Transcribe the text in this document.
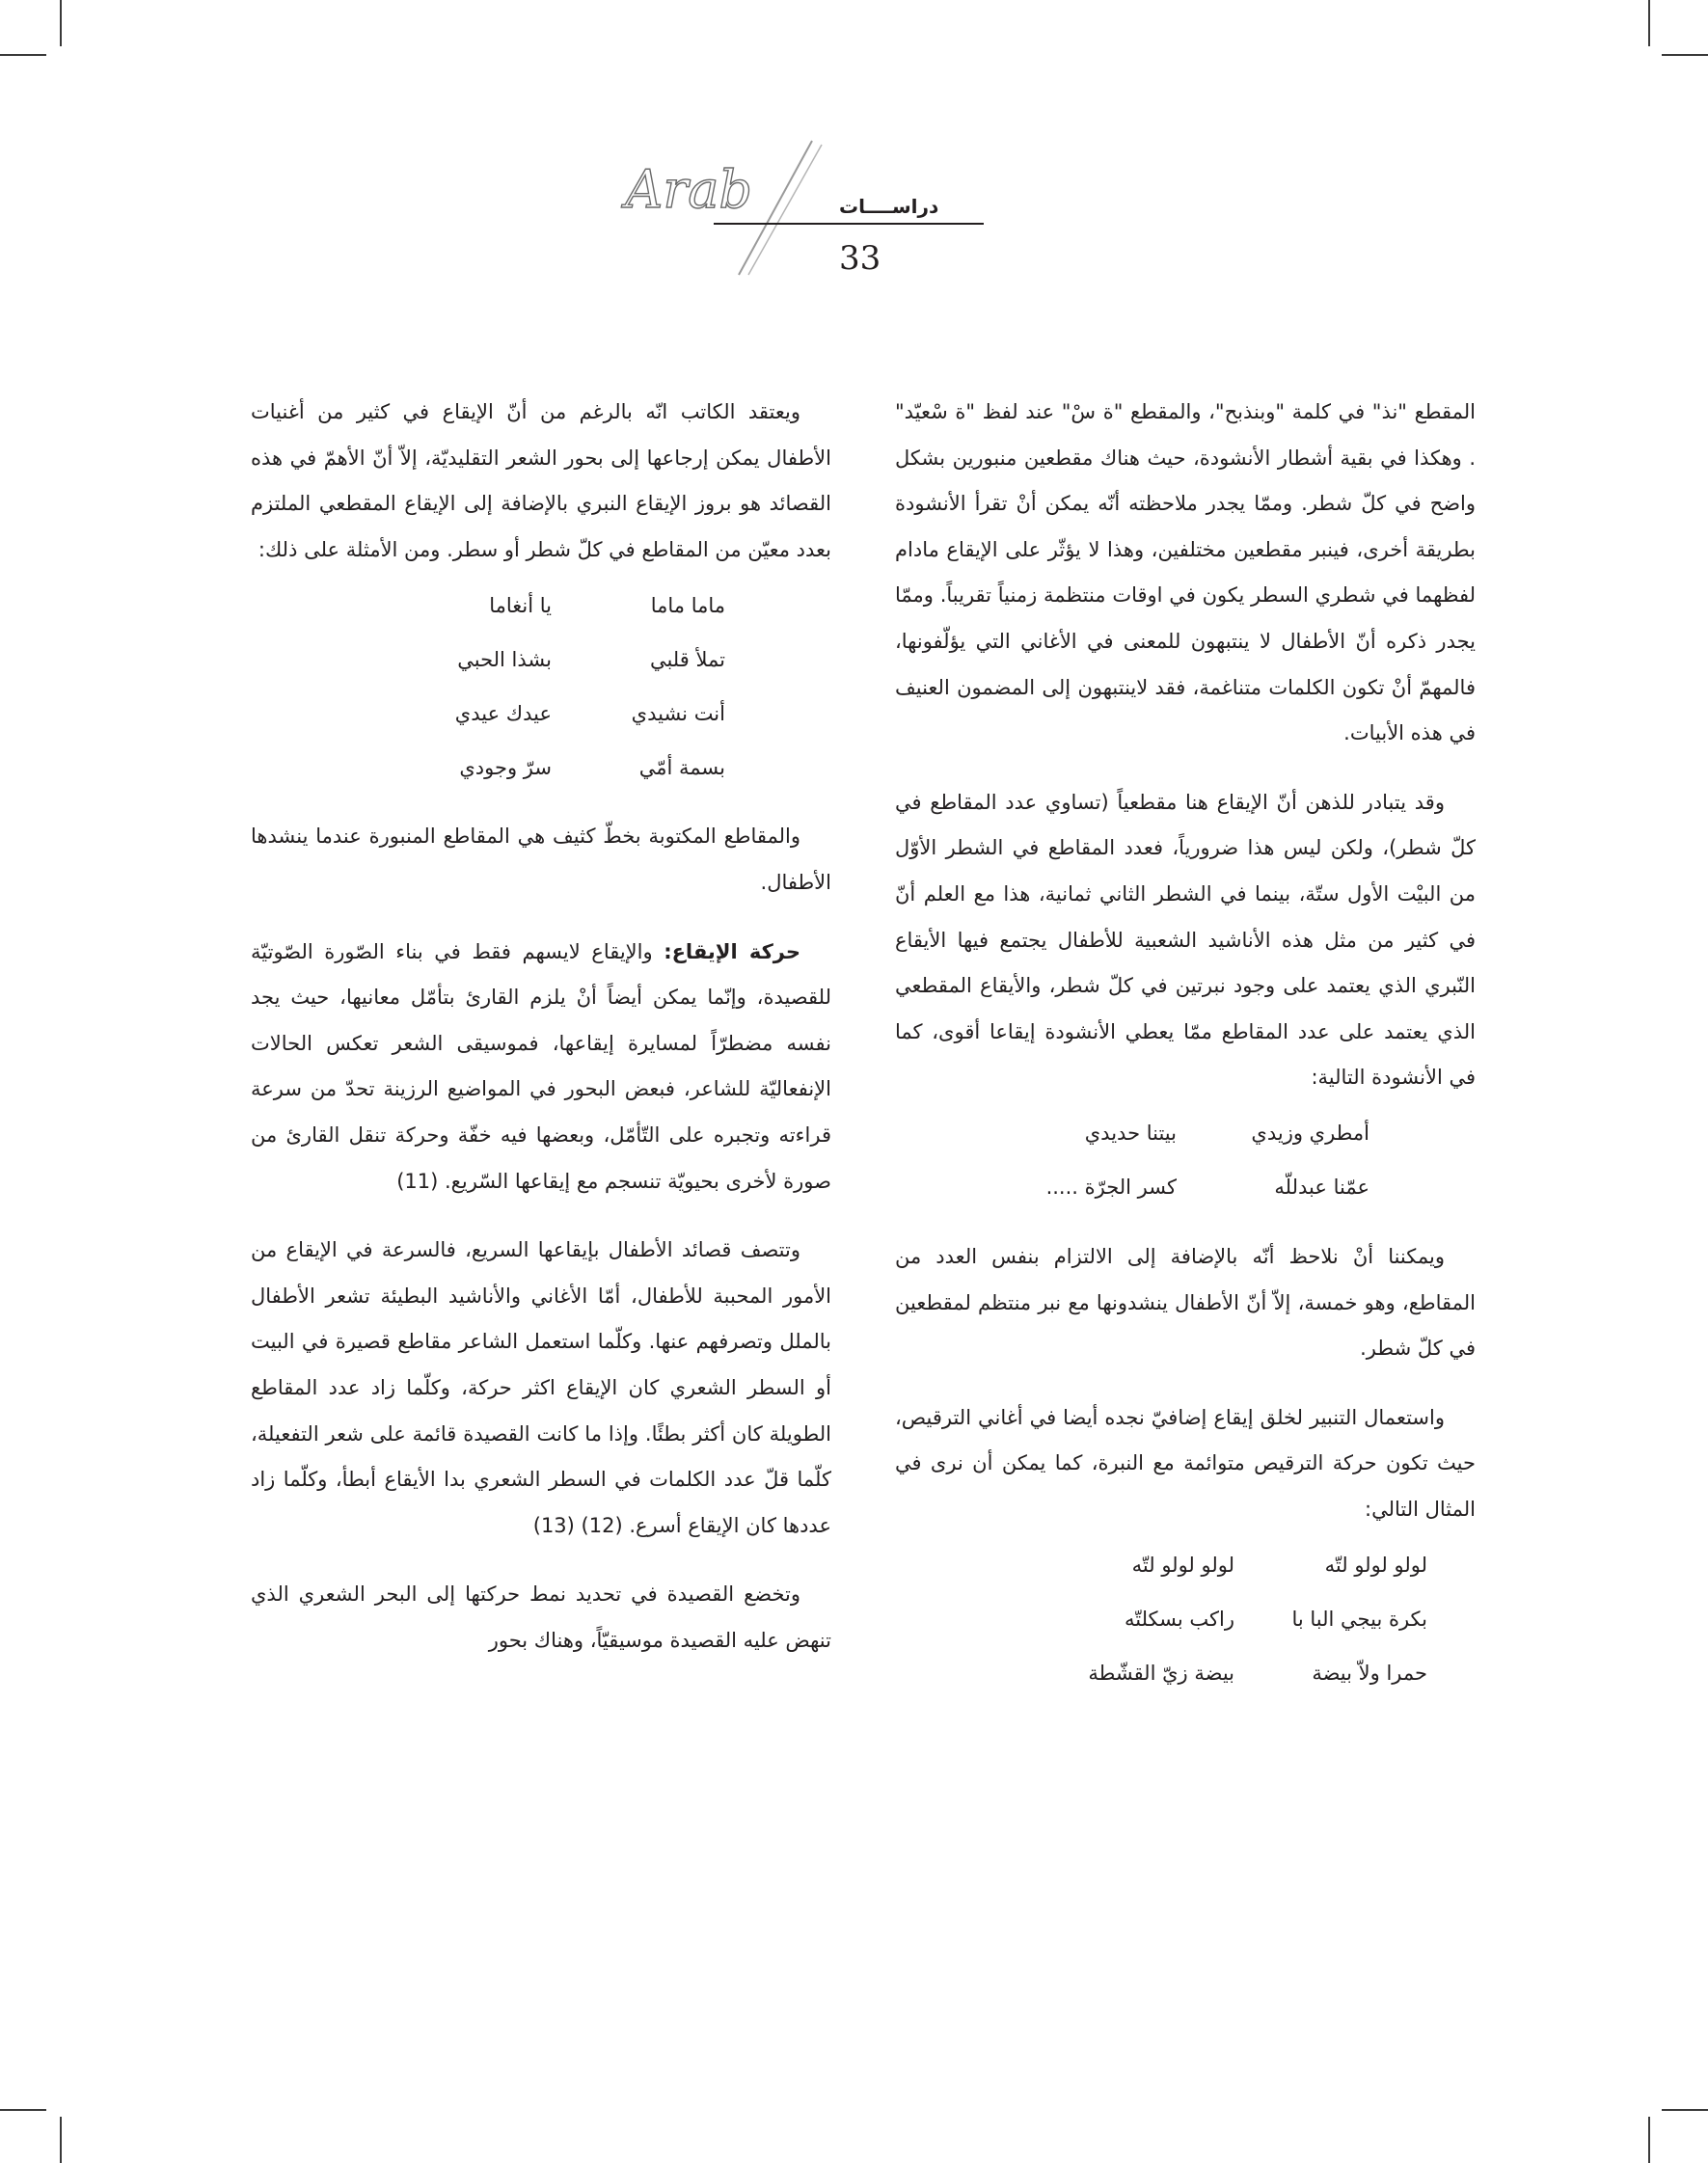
Arab	دراســــات
33

المقطع "نذ" في كلمة "وبنذبح"، والمقطع "ة سْ" عند لفظ "ة سْعيّد" . وهكذا في بقية أشطار الأنشودة، حيث هناك مقطعين منبورين بشكل واضح في كلّ شطر. وممّا يجدر ملاحظته أنّه يمكن أنْ تقرأ الأنشودة بطريقة أخرى، فينبر مقطعين مختلفين، وهذا لا يؤثّر على الإيقاع مادام لفظهما في شطري السطر يكون في اوقات منتظمة زمنياً تقريباً. وممّا يجدر ذكره أنّ الأطفال لا ينتبهون للمعنى في الأغاني التي يؤلّفونها، فالمهمّ أنْ تكون الكلمات متناغمة، فقد لاينتبهون إلى المضمون العنيف في هذه الأبيات.

وقد يتبادر للذهن أنّ الإيقاع هنا مقطعياً (تساوي عدد المقاطع في كلّ شطر)، ولكن ليس هذا ضرورياً، فعدد المقاطع في الشطر الأوّل من البيْت الأول ستّة، بينما في الشطر الثاني ثمانية، هذا مع العلم أنّ في كثير من مثل هذه الأناشيد الشعبية للأطفال يجتمع فيها الأيقاع النّبري الذي يعتمد على وجود نبرتين في كلّ شطر، والأيقاع المقطعي الذي يعتمد على عدد المقاطع ممّا يعطي الأنشودة إيقاعا أقوى، كما في الأنشودة التالية:

أمطري وزيدي
بيتنا حديدي
عمّنا عبدللّه
كسر الجرّة .....

ويمكننا أنْ نلاحظ أنّه بالإضافة إلى الالتزام بنفس العدد من المقاطع، وهو خمسة، إلاّ أنّ الأطفال ينشدونها مع نبر منتظم لمقطعين في كلّ شطر.

واستعمال التنبير لخلق إيقاع إضافيّ نجده أيضا في أغاني الترقيص، حيث تكون حركة الترقيص متوائمة مع النبرة، كما يمكن أن نرى في المثال التالي:

لولو لولو لتّه
لولو لولو لتّه
بكرة بيجي البا با
راكب بسكلتّه
حمرا ولاّ بيضة
بيضة زيّ القشّطة

ويعتقد الكاتب انّه بالرغم من أنّ الإيقاع في كثير من أغنيات الأطفال يمكن إرجاعها إلى بحور الشعر التقليديّة، إلاّ أنّ الأهمّ في هذه القصائد هو بروز الإيقاع النبري بالإضافة إلى الإيقاع المقطعي الملتزم بعدد معيّن من المقاطع في كلّ شطر أو سطر. ومن الأمثلة على ذلك:

ماما ماما
يا أنغاما
تملأ قلبي
بشذا الحبي
أنت نشيدي
عيدك عيدي
بسمة أمّي
سرّ وجودي

والمقاطع المكتوبة بخطّ كثيف هي المقاطع المنبورة عندما ينشدها الأطفال.

حركة الإيقاع: والإيقاع لايسهم فقط في بناء الصّورة الصّوتيّة للقصيدة، وإنّما يمكن أيضاً أنْ يلزم القارئ بتأمّل معانيها، حيث يجد نفسه مضطرّاً لمسايرة إيقاعها، فموسيقى الشعر تعكس الحالات الإنفعاليّة للشاعر، فبعض البحور في المواضيع الرزينة تحدّ من سرعة قراءته وتجبره على التّأمّل، وبعضها فيه خفّة وحركة تنقل القارئ من صورة لأخرى بحيويّة تنسجم مع إيقاعها السّريع. (11)

وتتصف قصائد الأطفال بإيقاعها السريع، فالسرعة في الإيقاع من الأمور المحببة للأطفال، أمّا الأغاني والأناشيد البطيئة تشعر الأطفال بالملل وتصرفهم عنها. وكلّما استعمل الشاعر مقاطع قصيرة في البيت أو السطر الشعري كان الإيقاع اكثر حركة، وكلّما زاد عدد المقاطع الطويلة كان أكثر بطئًا. وإذا ما كانت القصيدة قائمة على شعر التفعيلة، كلّما قلّ عدد الكلمات في السطر الشعري بدا الأيقاع أبطأ، وكلّما زاد عددها كان الإيقاع أسرع. (12) (13)

وتخضع القصيدة في تحديد نمط حركتها إلى البحر الشعري الذي تنهض عليه القصيدة موسيقيّاً، وهناك بحور
